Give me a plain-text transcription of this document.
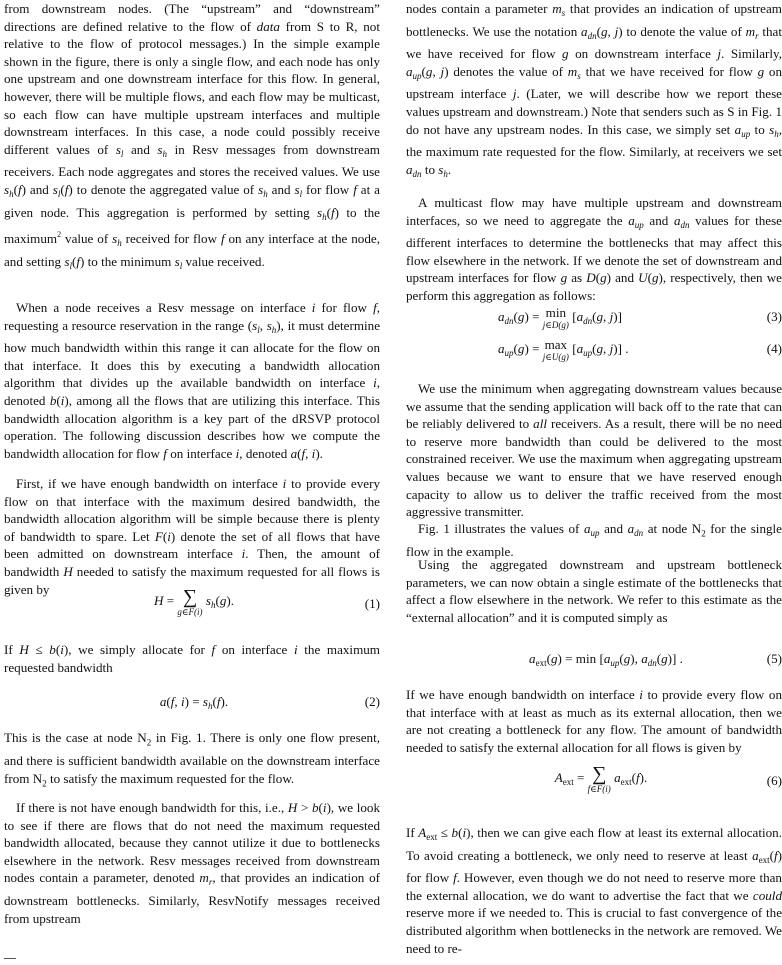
from downstream nodes. (The “upstream” and “downstream” directions are defined relative to the flow of data from S to R, not relative to the flow of protocol messages.) In the simple example shown in the figure, there is only a single flow, and each node has only one upstream and one downstream interface for this flow. In general, however, there will be multiple flows, and each flow may be multicast, so each flow can have multiple upstream interfaces and multiple downstream interfaces. In this case, a node could possibly receive different values of $s_l$ and $s_h$ in Resv messages from downstream receivers. Each node aggregates and stores the received values. We use $s_h(f)$ and $s_l(f)$ to denote the aggregated value of $s_h$ and $s_l$ for flow f at a given node. This aggregation is performed by setting $s_h(f)$ to the maximum$^2$ value of $s_h$ received for flow f on any interface at the node, and setting $s_l(f)$ to the minimum $s_l$ value received.

When a node receives a Resv message on interface i for flow f, requesting a resource reservation in the range ($s_l$, $s_h$), it must determine how much bandwidth within this range it can allocate for the flow on that interface. It does this by executing a bandwidth allocation algorithm that divides up the available bandwidth on interface i, denoted b(i), among all the flows that are utilizing this interface. This bandwidth allocation algorithm is a key part of the dRSVP protocol operation. The following discussion describes how we compute the bandwidth allocation for flow f on interface i, denoted a(f, i).

First, if we have enough bandwidth on interface i to provide every flow on that interface with the maximum desired bandwidth, the bandwidth allocation algorithm will be simple because there is plenty of bandwidth to spare. Let F(i) denote the set of all flows that have been admitted on downstream interface i. Then, the amount of bandwidth H needed to satisfy the maximum requested for all flows is given by

H = ∑
g∈F(i)
$s_h(g)$.	(1)

If H ≤ b(i), we simply allocate for f on interface i the maximum requested bandwidth

a(f, $i) = s_h(f)$.	(2)

This is the case at node $N_2$ in Fig. 1. There is only one flow present, and there is sufficient bandwidth available on the downstream interface from $N_2$ to satisfy the maximum requested for the flow.

If there is not have enough bandwidth for this, i.e., H > b(i), we look to see if there are flows that do not need the maximum requested bandwidth allocated, because they cannot utilize it due to bottlenecks elsewhere in the network. Resv messages received from downstream nodes contain a parameter, denoted $m_r$, that provides an indication of downstream bottlenecks. Similarly, ResvNotify messages received from upstream

nodes contain a parameter $m_s$ that provides an indication of upstream bottlenecks. We use the notation $a_{dn}(g$, j) to denote the value of $m_r$ that we have received for flow g on downstream interface j. Similarly, $a_{up}(g$, j) denotes the value of $m_s$ that we have received for flow g on upstream interface j. (Later, we will describe how we report these values upstream and downstream.) Note that senders such as S in Fig. 1 do not have any upstream nodes. In this case, we simply set $a_{up}$ to $s_h$, the maximum rate requested for the flow. Similarly, at receivers we set $a_{dn}$ to $s_h$.

A multicast flow may have multiple upstream and downstream interfaces, so we need to aggregate the $a_{up}$ and $a_{dn}$ values for these different interfaces to determine the bottlenecks that may affect this flow elsewhere in the network. If we denote the set of downstream and upstream interfaces for flow g as D(g) and U(g), respectively, then we perform this aggregation as follows:

$a_{dn}(g) = \min$
j∈D(g)
[$a_{dn}(g$, j)]	(3)
$a_{up}(g) = \max$
j∈U(g)
[$a_{up}(g$, j)] .	(4)

We use the minimum when aggregating downstream values because we assume that the sending application will back off to the rate that can be reliably delivered to all receivers. As a result, there will be no need to reserve more bandwidth than could be delivered to the most constrained receiver. We use the maximum when aggregating upstream values because we want to ensure that we have reserved enough capacity to allow us to deliver the traffic received from the most aggressive transmitter.

Fig. 1 illustrates the values of $a_{up}$ and $a_{dn}$ at node $N_2$ for the single flow in the example.

Using the aggregated downstream and upstream bottleneck parameters, we can now obtain a single estimate of the bottlenecks that affect a flow elsewhere in the network. We refer to this estimate as the “external allocation” and it is computed simply as

$a_{ext}(g) = \min [a_{up}(g)$, $a_{dn}(g)$] .	(5)

If we have enough bandwidth on interface i to provide every flow on that interface with at least as much as its external allocation, then we are not creating a bottleneck for any flow. The amount of bandwidth needed to satisfy the external allocation for all flows is given by

$A_{ext}$ = ∑
f∈F(i)
$a_{ext}(f)$.	(6)

If $A_{ext} \le b(i)$, then we can give each flow at least its external allocation. To avoid creating a bottleneck, we only need to reserve at least $a_{ext}(f)$ for flow f. However, even though we do not need to reserve more than the external allocation, we do want to advertise the fact that we could reserve more if we needed to. This is crucial to fast convergence of the distributed algorithm when bottlenecks in the network are removed. We need to re-
